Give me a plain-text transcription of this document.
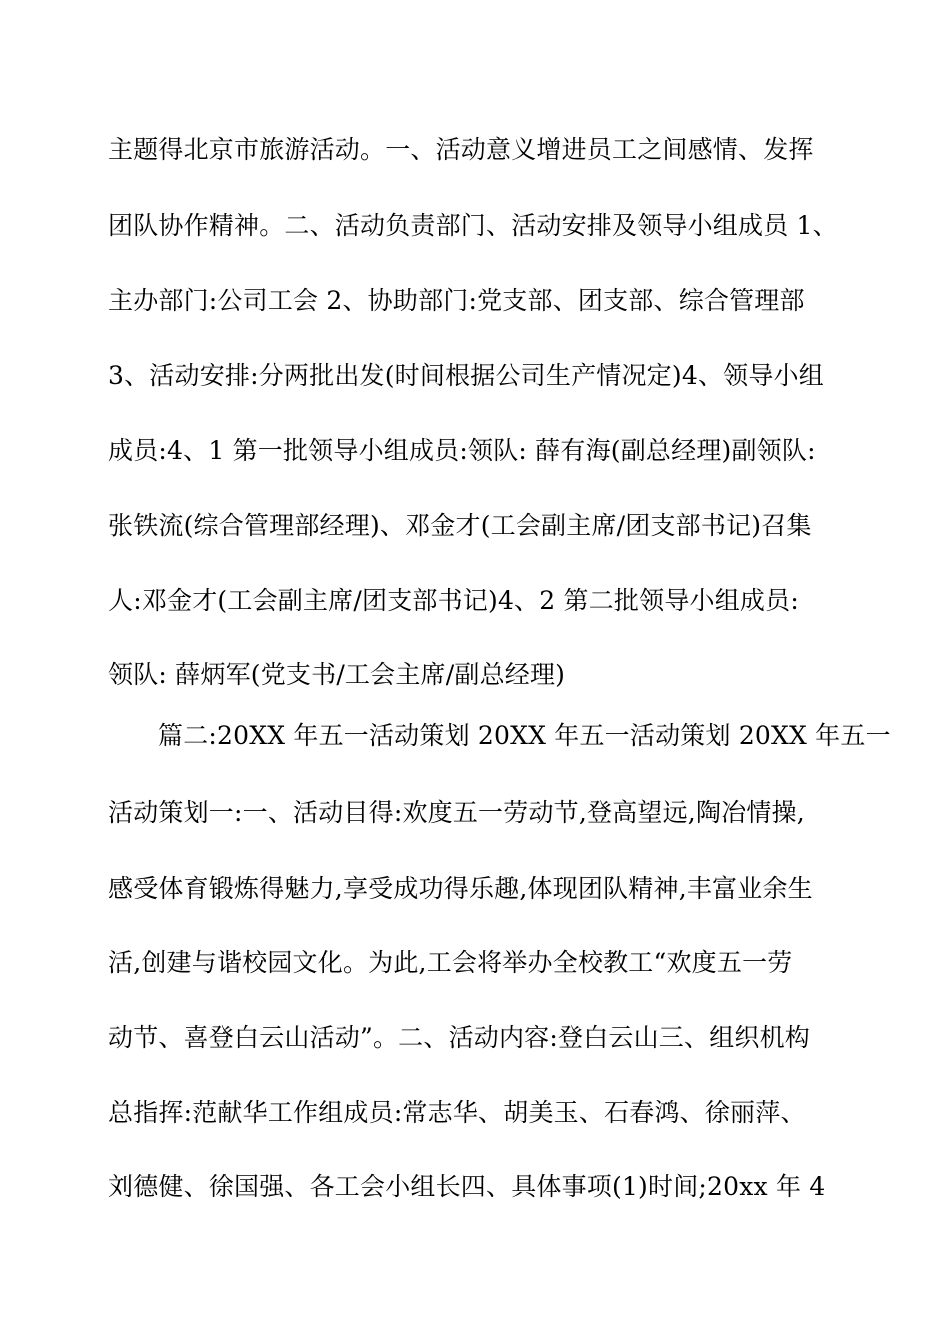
主题得北京市旅游活动。一、活动意义增进员工之间感情、发挥

团队协作精神。二、活动负责部门、活动安排及领导小组成员 1、

主办部门:公司工会 2、协助部门:党支部、团支部、综合管理部

3、活动安排:分两批出发(时间根据公司生产情况定)4、领导小组

成员:4、1 第一批领导小组成员:领队: 薛有海(副总经理)副领队:

张铁流(综合管理部经理)、邓金才(工会副主席/团支部书记)召集

人:邓金才(工会副主席/团支部书记)4、2 第二批领导小组成员:

领队: 薛炳军(党支书/工会主席/副总经理)

篇二:20XX 年五一活动策划 20XX 年五一活动策划 20XX 年五一

活动策划一:一、活动目得:欢度五一劳动节,登高望远,陶冶情操,

感受体育锻炼得魅力,享受成功得乐趣,体现团队精神,丰富业余生

活,创建与谐校园文化。为此,工会将举办全校教工“欢度五一劳

动节、喜登白云山活动”。二、活动内容:登白云山三、组织机构

总指挥:范献华工作组成员:常志华、胡美玉、石春鸿、徐丽萍、

刘德健、徐国强、各工会小组长四、具体事项(1)时间;20xx 年 4
